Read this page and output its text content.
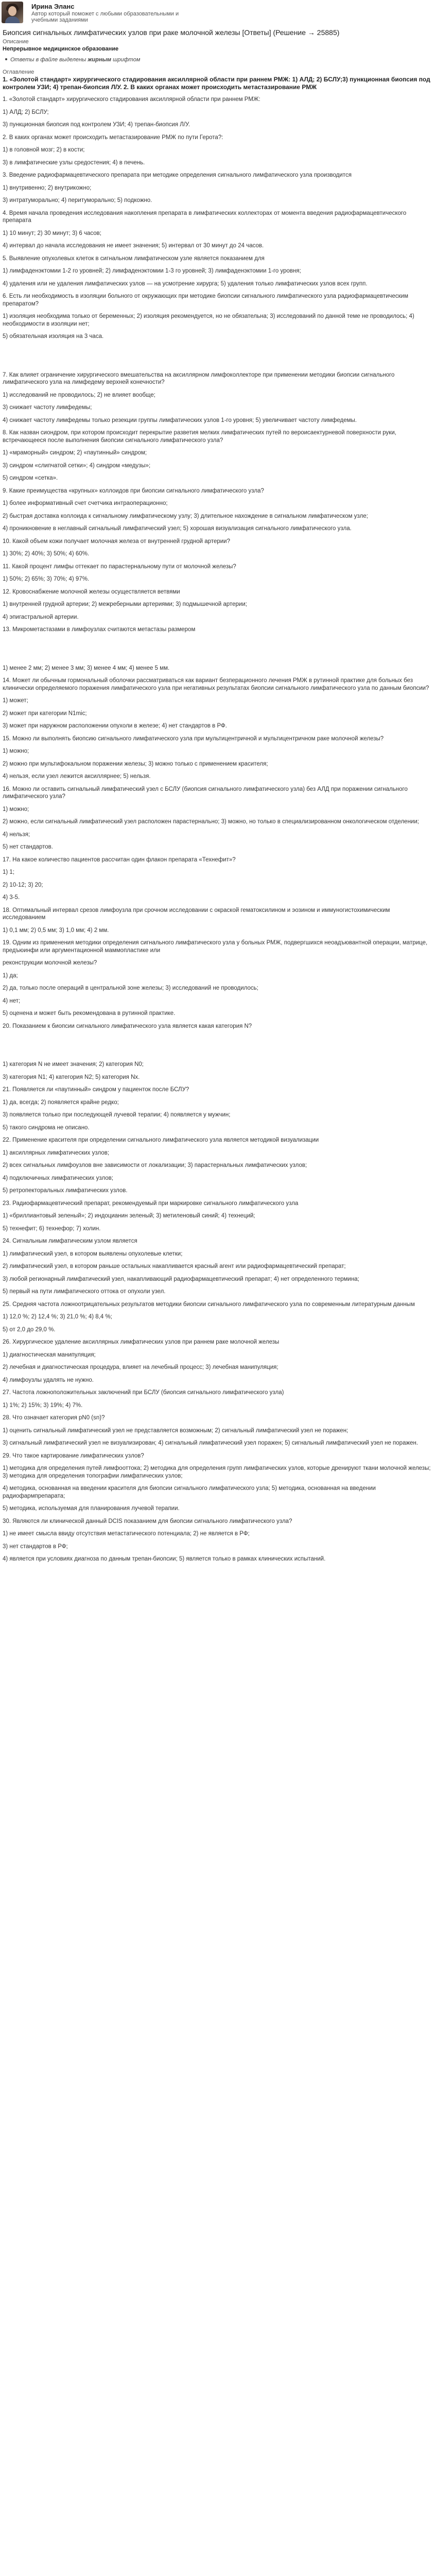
Ирина Эланс
Автор который поможет с любыми образовательными и учебными заданиями
Биопсия сигнальных лимфатических узлов при раке молочной железы [Ответы] (Решение → 25885)
Описание
Непрерывное медицинское образование
Ответы в файле выделены жирным шрифтом
Оглавление
1. «Золотой стандарт» хирургического стадирования аксиллярной области при раннем РМЖ: 1) АЛД; 2) БСЛУ;3) пункционная биопсия под контролем УЗИ; 4) трепан-биопсия Л/У. 2. В каких органах может происходить метастазирование РМЖ
1. «Золотой стандарт» хирургического стадирования аксиллярной области при раннем РМЖ:
1) АЛД; 2) БСЛУ;
3) пункционная биопсия под контролем УЗИ; 4) трепан-биопсия Л/У.
2. В каких органах может происходить метастазирование РМЖ по пути Герота?:
1) в головной мозг; 2) в кости;
3) в лимфатические узлы средостения; 4) в печень.
3. Введение радиофармацевтического препарата при методике определения сигнального лимфатического узла производится
1) внутривенно; 2) внутрикожно;
3) интратуморально; 4) перитуморально; 5) подкожно.
4. Время начала проведения исследования накопления препарата в лимфатических коллекторах от момента введения радиофармацевтического препарата
1) 10 минут; 2) 30 минут; 3) 6 часов;
4) интервал до начала исследования не имеет значения; 5) интервал от 30 минут до 24 часов.
5. Выявление опухолевых клеток в сигнальном лимфатическом узле является показанием для
1) лимфаденэктомии 1-2 го уровней; 2) лимфаденэктомии 1-3 го уровней; 3) лимфаденэктомии 1-го уровня;
4) удаления или не удаления лимфатических узлов — на усмотрение хирурга; 5) удаления только лимфатических узлов всех групп.
6. Есть ли необходимость в изоляции больного от окружающих при методике биопсии сигнального лимфатического узла радиофармацевтическим препаратом?
1) изоляция необходима только от беременных; 2) изоляция рекомендуется, но не обязательна; 3) исследований по данной теме не проводилось; 4) необходимости в изоляции нет;
5) обязательная изоляция на 3 часа.
7. Как влияет ограничение хирургического вмешательства на аксиллярном лимфоколлекторе при применении методики биопсии сигнального лимфатического узла на лимфедему верхней конечности?
1) исследований не проводилось; 2) не влияет вообще;
3) снижает частоту лимфедемы;
4) снижает частоту лимфедемы только резекции группы лимфатических узлов 1-го уровня; 5) увеличивает частоту лимфедемы.
8. Как назван сиондром, при котором происходит перекрытие разветия мелких лимфатических путей по вероисаектурневой поверхности руки, встречающееся после выполнения биопсии сигнального лимфатического узла?
1) «мраморный» синдром; 2) «паутинный» синдром;
3) синдром «слипчатой сетки»; 4) синдром «медузы»;
5) синдром «сетка».
9. Какие преимущества «крупных» коллоидов при биопсии сигнального лимфатического узла?
1) более информативный счет счетчика интраоперационно;
2) быстрая доставка коллоида к сигнальному лимфатическому узлу; 3) длительное нахождение в сигнальном лимфатическом узле;
4) проникновение в неглавный сигнальный лимфатический узел; 5) хорошая визуализация сигнального лимфатического узла.
10. Какой объем кожи получает молочная железа от внутренней грудной артерии?
1) 30%; 2) 40%; 3) 50%; 4) 60%.
11. Какой процент лимфы оттекает по парастернальному пути от молочной железы?
1) 50%; 2) 65%; 3) 70%; 4) 97%.
12. Кровоснабжение молочной железы осуществляется ветвями
1) внутренней грудной артерии; 2) межреберными артериями; 3) подмышечной артерии;
4) эпигастральной артерии.
13. Микрометастазами в лимфоузлах считаются метастазы размером
1) менее 2 мм; 2) менее 3 мм; 3) менее 4 мм; 4) менее 5 мм.
14. Может ли обычным гормональный оболочки рассматриваться как вариант безперационного лечения РМЖ в рутинной практике для больных без клинически определяемого поражения лимфатического узла при негативных результатах биопсии сигнального лимфатического узла по данным биопсии?
1) может;
2) может при категории N1mic;
3) может при наружном расположении опухоли в железе; 4) нет стандартов в РФ.
15. Можно ли выполнять биопсию сигнального лимфатического узла при мультицентричной и мультицентричном раке молочной железы?
1) можно;
2) можно при мультифокальном поражении железы; 3) можно только с применением красителя;
4) нельзя, если узел лежится аксиллярнее; 5) нельзя.
16. Можно ли оставить сигнальный лимфатический узел с БСЛУ (биопсия сигнального лимфатического узла) без АЛД при поражении сигнального лимфатического узла?
1) можно;
2) можно, если сигнальный лимфатический узел расположен парастернально; 3) можно, но только в специализированном онкологическом отделении;
4) нельзя;
5) нет стандартов.
17. На какое количество пациентов рассчитан один флакон препарата «Технефит»?
1) 1;
2) 10-12; 3) 20;
4) 3-5.
18. Оптимальный интервал срезов лимфоузла при срочном исследовании с окраской гематоксилином и эозином и иммуногистохимическим исследованием
1) 0,1 мм; 2) 0,5 мм; 3) 1,0 мм; 4) 2 мм.
19. Одним из применения методики определения сигнального лимфатического узла у больных РМЖ, подвергшихся неоадъювантной операции, матрице, предъюинфи или аргументационной маммопластике или
реконструкции молочной железы?
1) да;
2) да, только после операций в центральной зоне железы; 3) исследований не проводилось;
4) нет;
5) оценена и может быть рекомендована в рутинной практике.
20. Показанием к биопсии сигнального лимфатического узла является какая категория N?
1) категория N не имеет значения; 2) категория N0;
3) категория N1; 4) категория N2; 5) категория Nx.
21. Появляется ли «паутинный» синдром у пациенток после БСЛУ?
1) да, всегда; 2) появляется крайне редко;
3) появляется только при последующей лучевой терапии; 4) появляется у мужчин;
5) такого синдрома не описано.
22. Применение красителя при определении сигнального лимфатического узла является методикой визуализации
1) аксиллярных лимфатических узлов;
2) всех сигнальных лимфоузлов вне зависимости от локализации; 3) парастернальных лимфатических узлов;
4) подключичных лимфатических узлов;
5) ретропекторальных лимфатических узлов.
23. Радиофармацевтический препарат, рекомендуемый при маркировке сигнального лимфатического узла
1) «бриллиантовый зеленый»; 2) индоцианин зеленый; 3) метиленовый синий; 4) технеций;
5) технефит; 6) технефор; 7) холин.
24. Сигнальным лимфатическим узлом является
1) лимфатический узел, в котором выявлены опухолевые клетки;
2) лимфатический узел, в котором раньше остальных накапливается красный агент или радиофармацевтический препарат;
3) любой регионарный лимфатический узел, накапливающий радиофармацевтический препарат; 4) нет определенного термина;
5) первый на пути лимфатического оттока от опухоли узел.
25. Средняя частота ложноотрицательных результатов методики биопсии сигнального лимфатического узла по современным литературным данным
1) 12,0 %; 2) 12,4 %; 3) 21,0 %; 4) 8,4 %;
5) от 2,0 до 29,0 %.
26. Хирургическое удаление аксиллярных лимфатических узлов при раннем раке молочной железы
1) диагностическая манипуляция;
2) лечебная и диагностическая процедура, влияет на лечебный процесс; 3) лечебная манипуляция;
4) лимфоузлы удалять не нужно.
27. Частота ложноположительных заключений при БСЛУ (биопсия сигнального лимфатического узла)
1) 1%; 2) 15%; 3) 19%; 4) 7%.
28. Что означает категория pN0 (sn)?
1) оценить сигнальный лимфатический узел не представляется возможным; 2) сигнальный лимфатический узел не поражен;
3) сигнальный лимфатический узел не визуализирован; 4) сигнальный лимфатический узел поражен; 5) сигнальный лимфатический узел не поражен.
29. Что такое картирование лимфатических узлов?
1) методика для определения путей лимфооттока; 2) методика для определения групп лимфатических узлов, которые дренируют ткани молочной железы; 3) методика для определения топографии лимфатических узлов;
4) методика, основанная на введении красителя для биопсии сигнального лимфатического узла; 5) методика, основанная на введении радиофармпрепарата;
5) методика, используемая для планирования лучевой терапии.
30. Являются ли клинической данный DCIS показанием для биопсии сигнального лимфатического узла?
1) не имеет смысла ввиду отсутствия метастатического потенциала; 2) не является в РФ;
3) нет стандартов в РФ;
4) является при условиях диагноза по данным трепан-биопсии; 5) является только в рамках клинических испытаний.
